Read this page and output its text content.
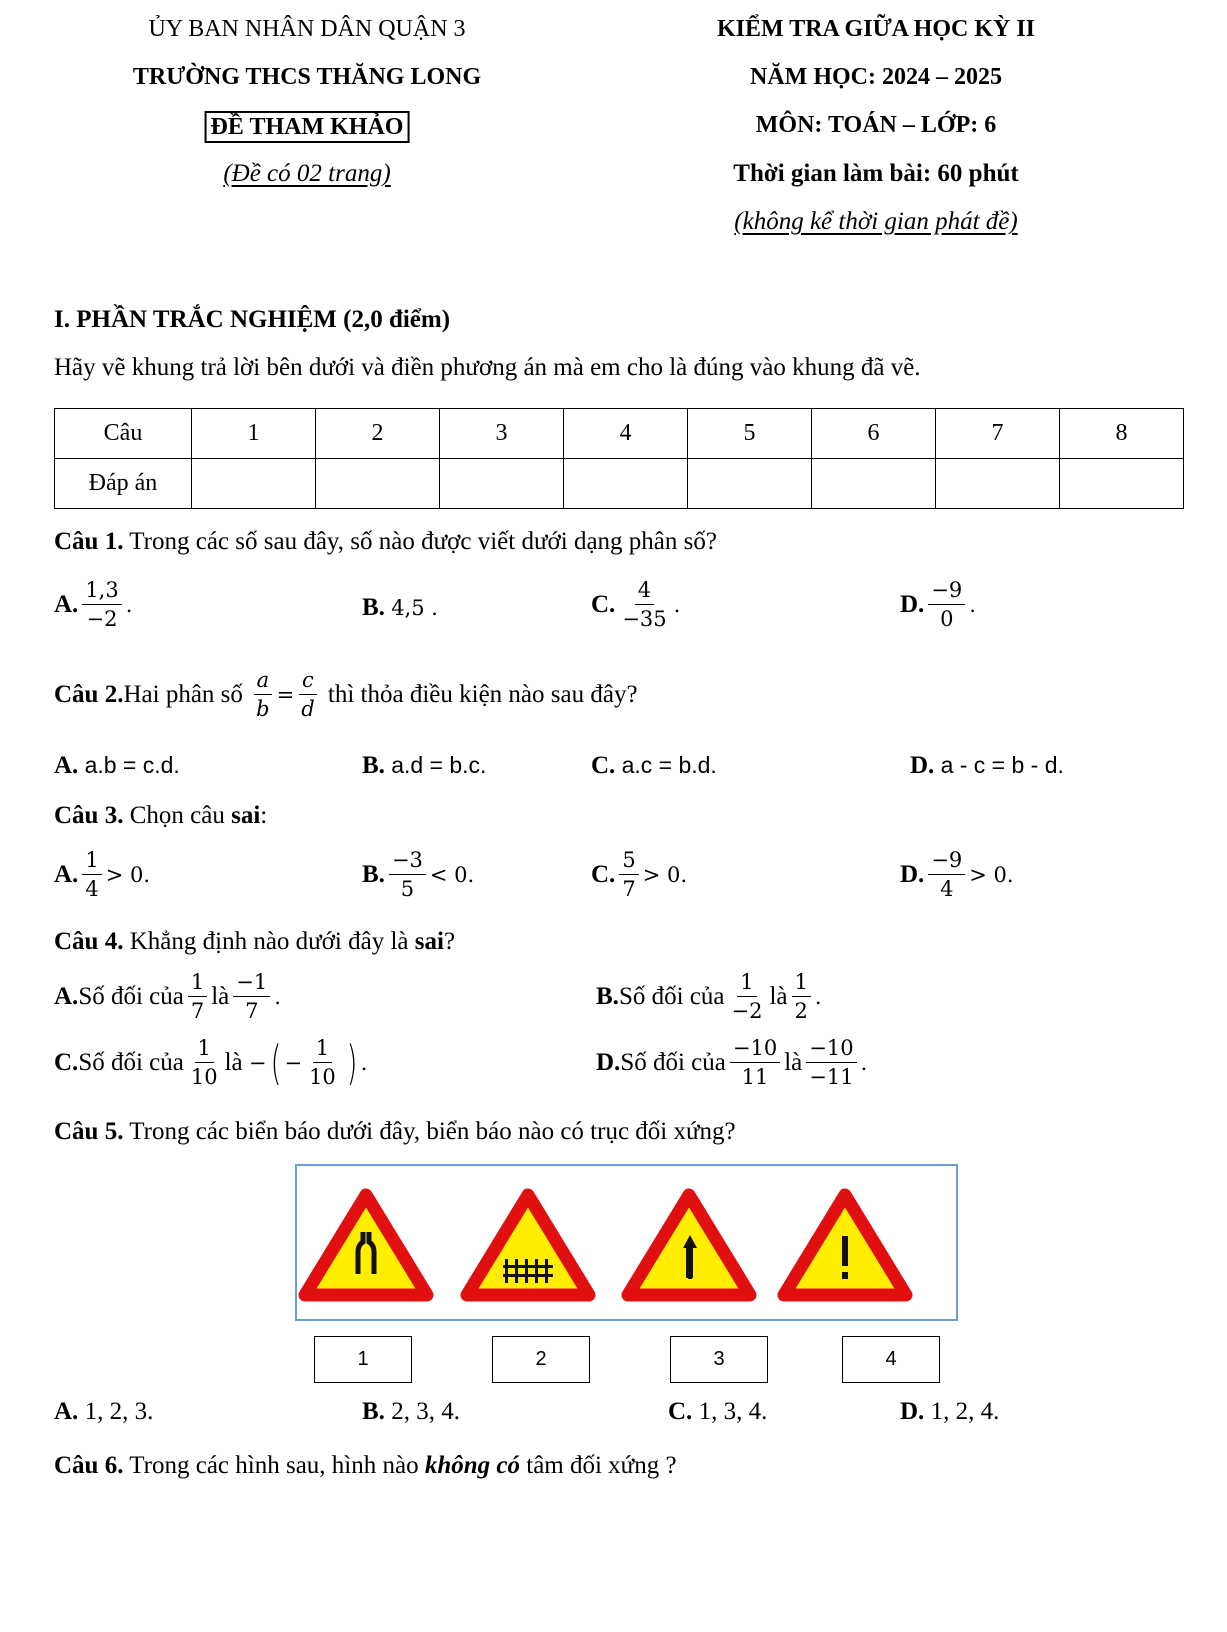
ỦY BAN NHÂN DÂN QUẬN 3
TRƯỜNG THCS THĂNG LONG
ĐỀ THAM KHẢO
(Đề có 02 trang)
KIỂM TRA GIỮA HỌC KỲ II
NĂM HỌC: 2024 – 2025
MÔN: TOÁN – LỚP: 6
Thời gian làm bài: 60 phút
(không kể thời gian phát đề)
I. PHẦN TRẮC NGHIỆM (2,0 điểm)
Hãy vẽ khung trả lời bên dưới và điền phương án mà em cho là đúng vào khung đã vẽ.
Câu	1	2	3	4	5	6	7	8
Đáp án								
Câu 1. Trong các số sau đây, số nào được viết dưới dạng phân số?
A.
1,3
−2
.	B.
4,5 .	C.
4
−35
.	D.
−9
0
.
Câu 2. Hai phân số
$\frac{a}{b} = \frac{c}{d}$
thì thỏa điều kiện nào sau đây?
A. a.b = c.d.	B. a.d = b.c.	C. a.c = b.d.	D. a - c = b - d.
Câu 3. Chọn câu sai:
A.
1
4
> 0.	B.
−3
5
< 0.	C.
5
7
> 0.	D.
−9
4
> 0.
Câu 4. Khẳng định nào dưới đây là sai?
A. Số đối của
1
7
là
−1
7
.	B. Số đối của
1
−2
là
1
2
.
C. Số đối của
1
10
là
− ( − $\frac{1}{10}$ ) .	D. Số đối của
−10
11
là
−10
−11
.
Câu 5. Trong các biển báo dưới đây, biển báo nào có trục đối xứng?
1	2	3	4
A. 1, 2, 3.	B. 2, 3, 4.	C. 1, 3, 4.	D. 1, 2, 4.
Câu 6. Trong các hình sau, hình nào không có tâm đối xứng ?
